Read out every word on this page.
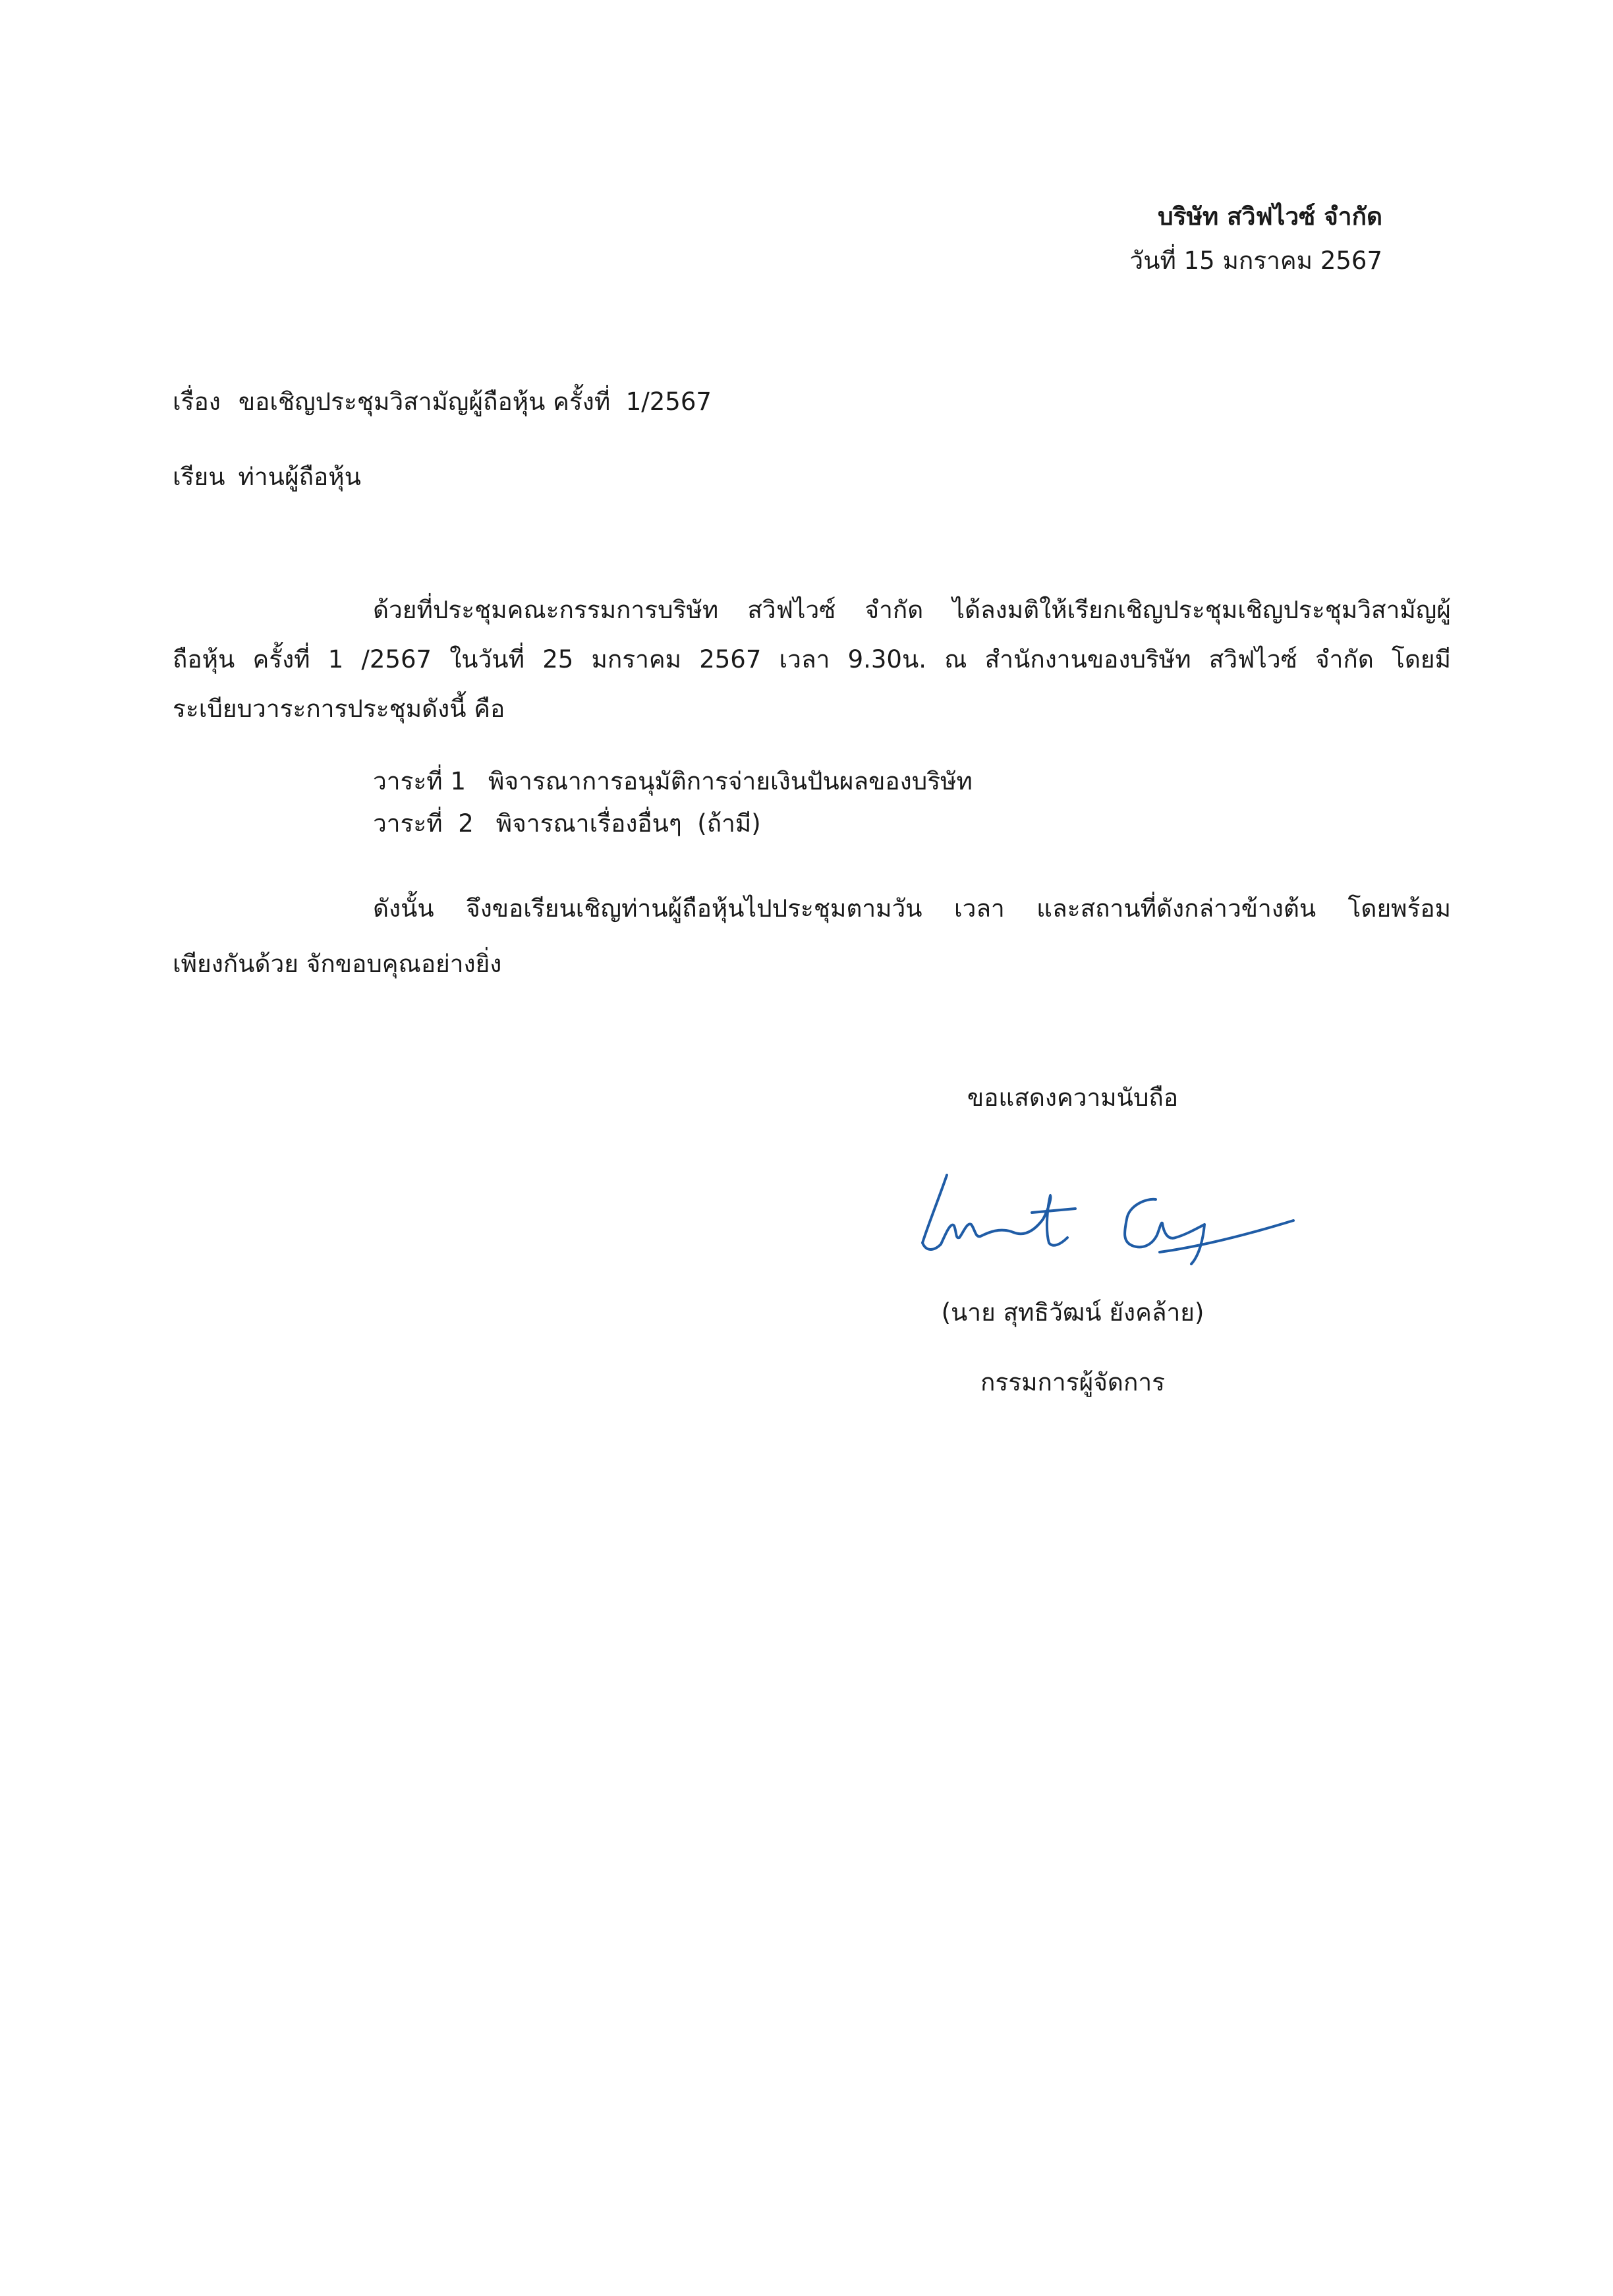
บริษัท สวิฟไวซ์ จำกัด
วันที่ 15 มกราคม 2567
เรื่อง ขอเชิญประชุมวิสามัญผู้ถือหุ้น ครั้งที่  1/2567
เรียน ท่านผู้ถือหุ้น
ด้วยที่ประชุมคณะกรรมการบริษัท สวิฟไวซ์ จำกัด ได้ลงมติให้เรียกเชิญประชุมเชิญประชุมวิสามัญผู้
ถือหุ้น ครั้งที่ 1 /2567 ในวันที่ 25 มกราคม 2567 เวลา 9.30น. ณ สำนักงานของบริษัท สวิฟไวซ์ จำกัด โดยมี
ระเบียบวาระการประชุมดังนี้ คือ
วาระที่ 1 พิจารณาการอนุมัติการจ่ายเงินปันผลของบริษัท
วาระที่  2 พิจารณาเรื่องอื่นๆ  (ถ้ามี)
ดังนั้น จึงขอเรียนเชิญท่านผู้ถือหุ้นไปประชุมตามวัน เวลา และสถานที่ดังกล่าวข้างต้น โดยพร้อม
เพียงกันด้วย จักขอบคุณอย่างยิ่ง
ขอแสดงความนับถือ
(นาย สุทธิวัฒน์ ยังคล้าย)
กรรมการผู้จัดการ
